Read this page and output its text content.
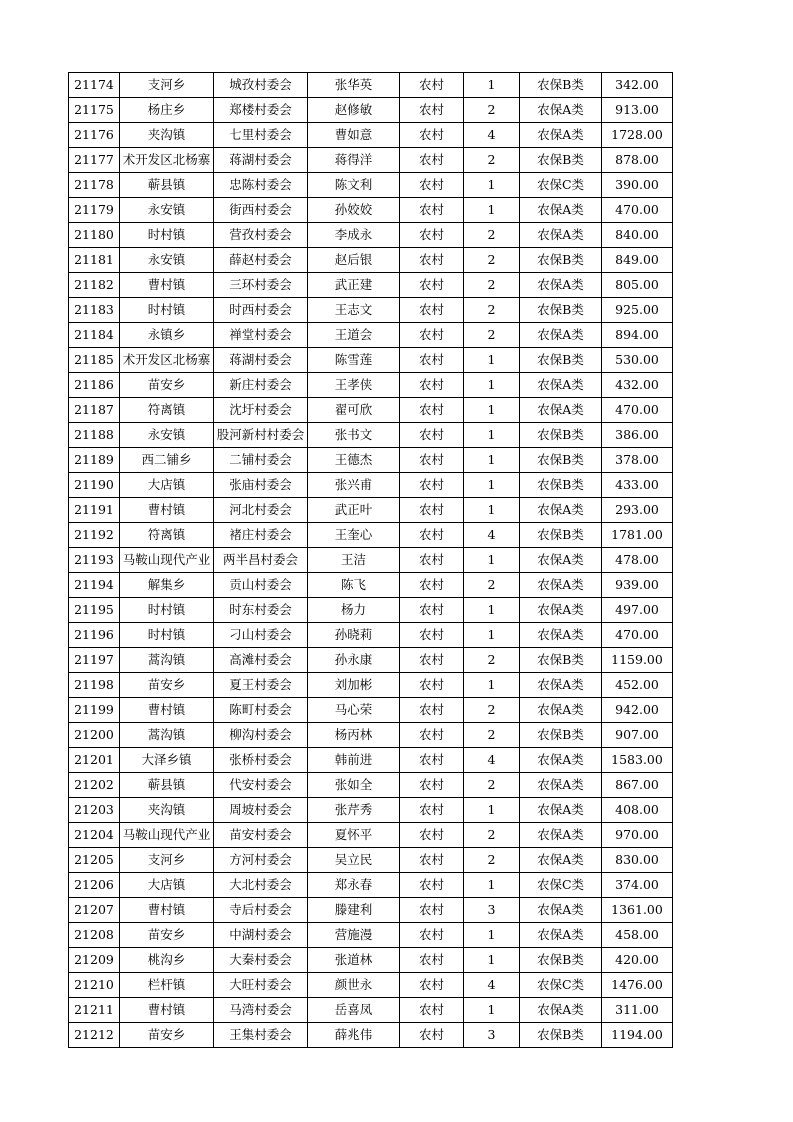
21174	支河乡	城孜村委会	张华英	农村	1	农保B类	342.00
21175	杨庄乡	郑楼村委会	赵修敏	农村	2	农保A类	913.00
21176	夹沟镇	七里村委会	曹如意	农村	4	农保A类	1728.00
21177	术开发区北杨寨	蒋湖村委会	蒋得洋	农村	2	农保B类	878.00
21178	蕲县镇	忠陈村委会	陈文利	农村	1	农保C类	390.00
21179	永安镇	街西村委会	孙姣姣	农村	1	农保A类	470.00
21180	时村镇	营孜村委会	李成永	农村	2	农保A类	840.00
21181	永安镇	薛赵村委会	赵后银	农村	2	农保B类	849.00
21182	曹村镇	三环村委会	武正建	农村	2	农保A类	805.00
21183	时村镇	时西村委会	王志文	农村	2	农保B类	925.00
21184	永镇乡	禅堂村委会	王道会	农村	2	农保A类	894.00
21185	术开发区北杨寨	蒋湖村委会	陈雪莲	农村	1	农保B类	530.00
21186	苗安乡	新庄村委会	王孝侠	农村	1	农保A类	432.00
21187	符离镇	沈圩村委会	翟可欣	农村	1	农保A类	470.00
21188	永安镇	股河新村村委会	张书文	农村	1	农保B类	386.00
21189	西二铺乡	二铺村委会	王德杰	农村	1	农保B类	378.00
21190	大店镇	张庙村委会	张兴甫	农村	1	农保B类	433.00
21191	曹村镇	河北村委会	武正叶	农村	1	农保A类	293.00
21192	符离镇	褚庄村委会	王奎心	农村	4	农保B类	1781.00
21193	马鞍山现代产业	两半昌村委会	王洁	农村	1	农保A类	478.00
21194	解集乡	贡山村委会	陈飞	农村	2	农保A类	939.00
21195	时村镇	时东村委会	杨力	农村	1	农保A类	497.00
21196	时村镇	刁山村委会	孙晓莉	农村	1	农保A类	470.00
21197	蒿沟镇	高滩村委会	孙永康	农村	2	农保B类	1159.00
21198	苗安乡	夏王村委会	刘加彬	农村	1	农保A类	452.00
21199	曹村镇	陈町村委会	马心荣	农村	2	农保A类	942.00
21200	蒿沟镇	柳沟村委会	杨丙林	农村	2	农保B类	907.00
21201	大泽乡镇	张桥村委会	韩前进	农村	4	农保A类	1583.00
21202	蕲县镇	代安村委会	张如全	农村	2	农保A类	867.00
21203	夹沟镇	周坡村委会	张芹秀	农村	1	农保A类	408.00
21204	马鞍山现代产业	苗安村委会	夏怀平	农村	2	农保A类	970.00
21205	支河乡	方河村委会	吴立民	农村	2	农保A类	830.00
21206	大店镇	大北村委会	郑永春	农村	1	农保C类	374.00
21207	曹村镇	寺后村委会	滕建利	农村	3	农保A类	1361.00
21208	苗安乡	中湖村委会	营施漫	农村	1	农保A类	458.00
21209	桃沟乡	大秦村委会	张道林	农村	1	农保B类	420.00
21210	栏杆镇	大旺村委会	颜世永	农村	4	农保C类	1476.00
21211	曹村镇	马湾村委会	岳喜凤	农村	1	农保A类	311.00
21212	苗安乡	王集村委会	薛兆伟	农村	3	农保B类	1194.00
